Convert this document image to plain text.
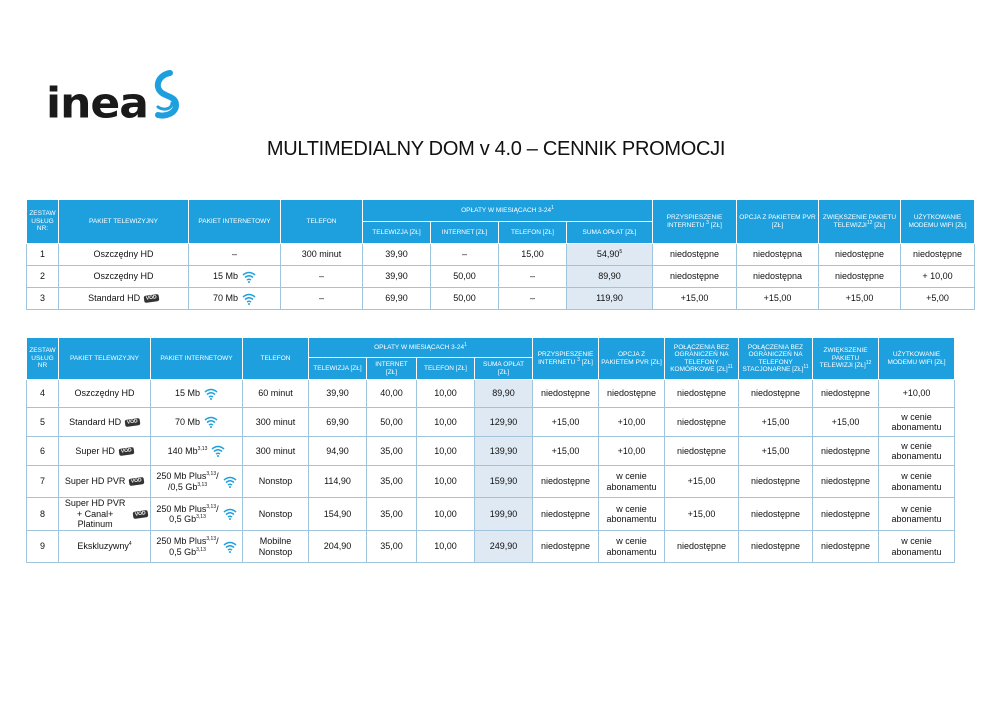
inea
MULTIMEDIALNY DOM v 4.0 – CENNIK PROMOCJI
ZESTAW USŁUG NR:	PAKIET TELEWIZYJNY	PAKIET INTERNETOWY	TELEFON	OPŁATY W MIESIĄCACH $3-24^1$				PRZYSPIESZENIE INTERNETU $^3$ [ZŁ]	OPCJA Z PAKIETEM PVR [ZŁ]	ZWIĘKSZENIE PAKIETU TELEWIZJI$^{12}$ [ZŁ]	UŻYTKOWANIE MODEMU WIFI [ZŁ]
				TELEWIZJA [ZŁ]	INTERNET [ZŁ]	TELEFON [ZŁ]	SUMA OPŁAT [ZŁ]				
1	Oszczędny HD	–	300 minut	39,90	–	15,00	54,90$^5$	niedostępne	niedostępna	niedostępne	niedostępne
2	Oszczędny HD	15 Mb	–	39,90	50,00	–	89,90	niedostępne	niedostępna	niedostępne	+ 10,00
3	Standard HD VOD	70 Mb	–	69,90	50,00	–	119,90	+15,00	+15,00	+15,00	+5,00
ZESTAW USŁUG NR	PAKIET TELEWIZYJNY	PAKIET INTERNETOWY	TELEFON	OPŁATY W MIESIĄCACH $3-24^1$				PRZYSPIESZENIE INTERNETU $^3$ [ZŁ]	OPCJA Z PAKIETEM PVR [ZŁ]	POŁĄCZENIA BEZ OGRANICZEŃ NA TELEFONY KOMÓRKOWE [ZŁ]$^{11}$	POŁĄCZENIA BEZ OGRANICZEŃ NA TELEFONY STACJONARNE [ZŁ]$^{11}$	ZWIĘKSZENIE PAKIETU TELEWIZJI [ZŁ]$^{12}$	UŻYTKOWANIE MODEMU WIFI [ZŁ]
				TELEWIZJA [ZŁ]	INTERNET [ZŁ]	TELEFON [ZŁ]	SUMA OPŁAT [ZŁ]						
4	Oszczędny HD	15 Mb	60 minut	39,90	40,00	10,00	89,90	niedostępne	niedostępne	niedostępne	niedostępne	niedostępne	+10,00
5	Standard HD VOD	70 Mb	300 minut	69,90	50,00	10,00	129,90	+15,00	+10,00	niedostępne	+15,00	+15,00	w cenie abonamentu
6	Super HD VOD	140 Mb$^{3,13}$	300 minut	94,90	35,00	10,00	139,90	+15,00	+10,00	niedostępne	+15,00	niedostępne	w cenie abonamentu
7	Super HD PVR VOD	250 Mb Plus$^{3,13}$/
/0,5 Gb$^{3,13}$	Nonstop	114,90	35,00	10,00	159,90	niedostępne	w cenie abonamentu	+15,00	niedostępne	niedostępne	w cenie abonamentu
8	Super HD PVR + Canal+ Platinum
VOD	250 Mb Plus$^{3,13}$/
0,5 Gb$^{3,13}$	Nonstop	154,90	35,00	10,00	199,90	niedostępne	w cenie abonamentu	+15,00	niedostępne	niedostępne	w cenie abonamentu
9	Ekskluzywny$^4$	250 Mb Plus$^{3,13}$/
0,5 Gb$^{3,13}$	Mobilne Nonstop	204,90	35,00	10,00	249,90	niedostępne	w cenie abonamentu	niedostępne	niedostępne	niedostępne	w cenie abonamentu
